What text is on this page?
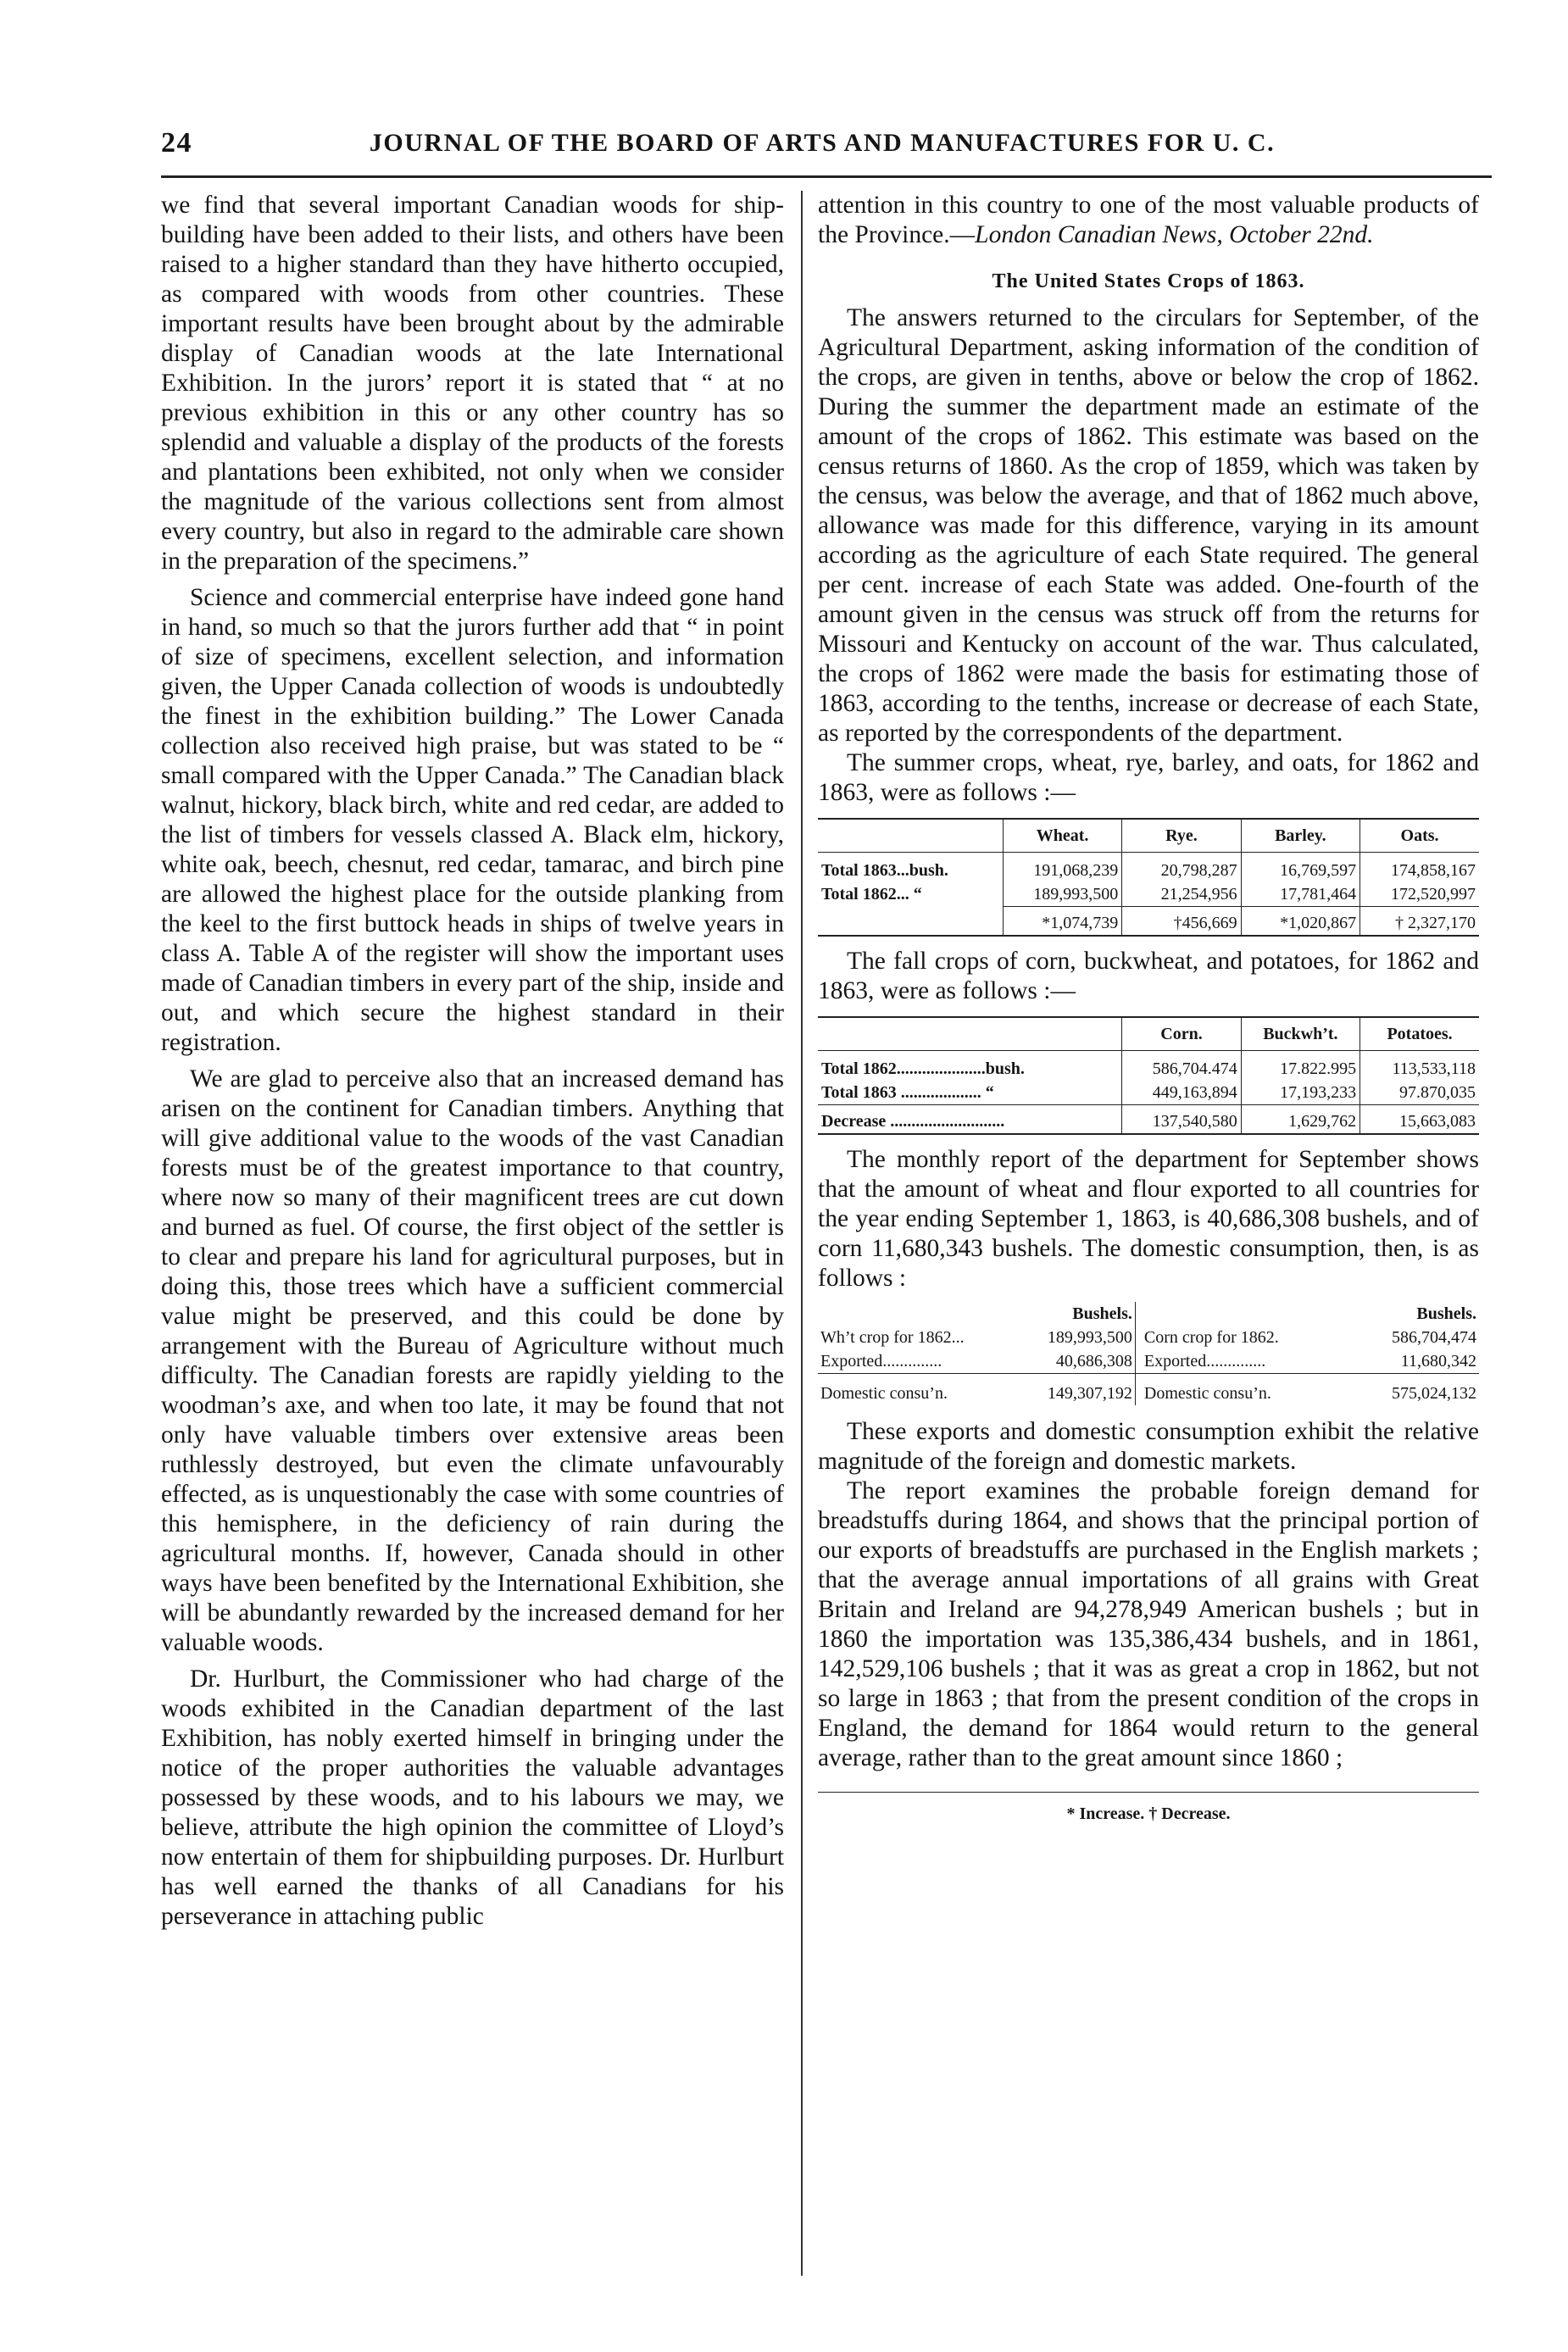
24	JOURNAL OF THE BOARD OF ARTS AND MANUFACTURES FOR U. C.

we find that several important Canadian woods for ship-building have been added to their lists, and others have been raised to a higher standard than they have hitherto occupied, as compared with woods from other countries. These important results have been brought about by the admirable display of Canadian woods at the late International Exhibition. In the jurors’ report it is stated that “ at no previous exhibition in this or any other country has so splendid and valuable a display of the products of the forests and plantations been exhibited, not only when we consider the magnitude of the various collections sent from almost every country, but also in regard to the admirable care shown in the preparation of the specimens.”

Science and commercial enterprise have indeed gone hand in hand, so much so that the jurors further add that “ in point of size of specimens, excellent selection, and information given, the Upper Canada collection of woods is undoubtedly the finest in the exhibition building.” The Lower Canada collection also received high praise, but was stated to be “ small compared with the Upper Canada.” The Canadian black walnut, hickory, black birch, white and red cedar, are added to the list of timbers for vessels classed A. Black elm, hickory, white oak, beech, chesnut, red cedar, tamarac, and birch pine are allowed the highest place for the outside planking from the keel to the first buttock heads in ships of twelve years in class A. Table A of the register will show the important uses made of Canadian timbers in every part of the ship, inside and out, and which secure the highest standard in their registration.

We are glad to perceive also that an increased demand has arisen on the continent for Canadian timbers. Anything that will give additional value to the woods of the vast Canadian forests must be of the greatest importance to that country, where now so many of their magnificent trees are cut down and burned as fuel. Of course, the first object of the settler is to clear and prepare his land for agricultural purposes, but in doing this, those trees which have a sufficient commercial value might be preserved, and this could be done by arrangement with the Bureau of Agriculture without much difficulty. The Canadian forests are rapidly yielding to the woodman’s axe, and when too late, it may be found that not only have valuable timbers over extensive areas been ruthlessly destroyed, but even the climate unfavourably effected, as is unquestionably the case with some countries of this hemisphere, in the deficiency of rain during the agricultural months. If, however, Canada should in other ways have been benefited by the International Exhibition, she will be abundantly rewarded by the increased demand for her valuable woods.

Dr. Hurlburt, the Commissioner who had charge of the woods exhibited in the Canadian department of the last Exhibition, has nobly exerted himself in bringing under the notice of the proper authorities the valuable advantages possessed by these woods, and to his labours we may, we believe, attribute the high opinion the committee of Lloyd’s now entertain of them for shipbuilding purposes. Dr. Hurlburt has well earned the thanks of all Canadians for his perseverance in attaching public

attention in this country to one of the most valuable products of the Province.—London Canadian News, October 22nd.

The United States Crops of 1863.

The answers returned to the circulars for September, of the Agricultural Department, asking information of the condition of the crops, are given in tenths, above or below the crop of 1862. During the summer the department made an estimate of the amount of the crops of 1862. This estimate was based on the census returns of 1860. As the crop of 1859, which was taken by the census, was below the average, and that of 1862 much above, allowance was made for this difference, varying in its amount according as the agriculture of each State required. The general per cent. increase of each State was added. One-fourth of the amount given in the census was struck off from the returns for Missouri and Kentucky on account of the war. Thus calculated, the crops of 1862 were made the basis for estimating those of 1863, according to the tenths, increase or decrease of each State, as reported by the correspondents of the department.

The summer crops, wheat, rye, barley, and oats, for 1862 and 1863, were as follows :—

	Wheat.	Rye.	Barley.	Oats.
Total 1863...bush.	191,068,239	20,798,287	16,769,597	174,858,167
Total 1862... “	189,993,500	21,254,956	17,781,464	172,520,997
	*1,074,739	†456,669	*1,020,867	† 2,327,170

The fall crops of corn, buckwheat, and potatoes, for 1862 and 1863, were as follows :—

	Corn.	Buckwh’t.	Potatoes.
Total 1862.....................bush.	586,704.474	17.822.995	113,533,118
Total 1863 ................... “	449,163,894	17,193,233	97.870,035
Decrease ...........................	137,540,580	1,629,762	15,663,083

The monthly report of the department for September shows that the amount of wheat and flour exported to all countries for the year ending September 1, 1863, is 40,686,308 bushels, and of corn 11,680,343 bushels. The domestic consumption, then, is as follows :

	Bushels.		Bushels.
Wh’t crop for 1862...	189,993,500	Corn crop for 1862.	586,704,474
Exported..............	40,686,308	Exported..............	11,680,342
Domestic consu’n.	149,307,192	Domestic consu’n.	575,024,132

These exports and domestic consumption exhibit the relative magnitude of the foreign and domestic markets.

The report examines the probable foreign demand for breadstuffs during 1864, and shows that the principal portion of our exports of breadstuffs are purchased in the English markets ; that the average annual importations of all grains with Great Britain and Ireland are 94,278,949 American bushels ; but in 1860 the importation was 135,386,434 bushels, and in 1861, 142,529,106 bushels ; that it was as great a crop in 1862, but not so large in 1863 ; that from the present condition of the crops in England, the demand for 1864 would return to the general average, rather than to the great amount since 1860 ;

* Increase. † Decrease.
